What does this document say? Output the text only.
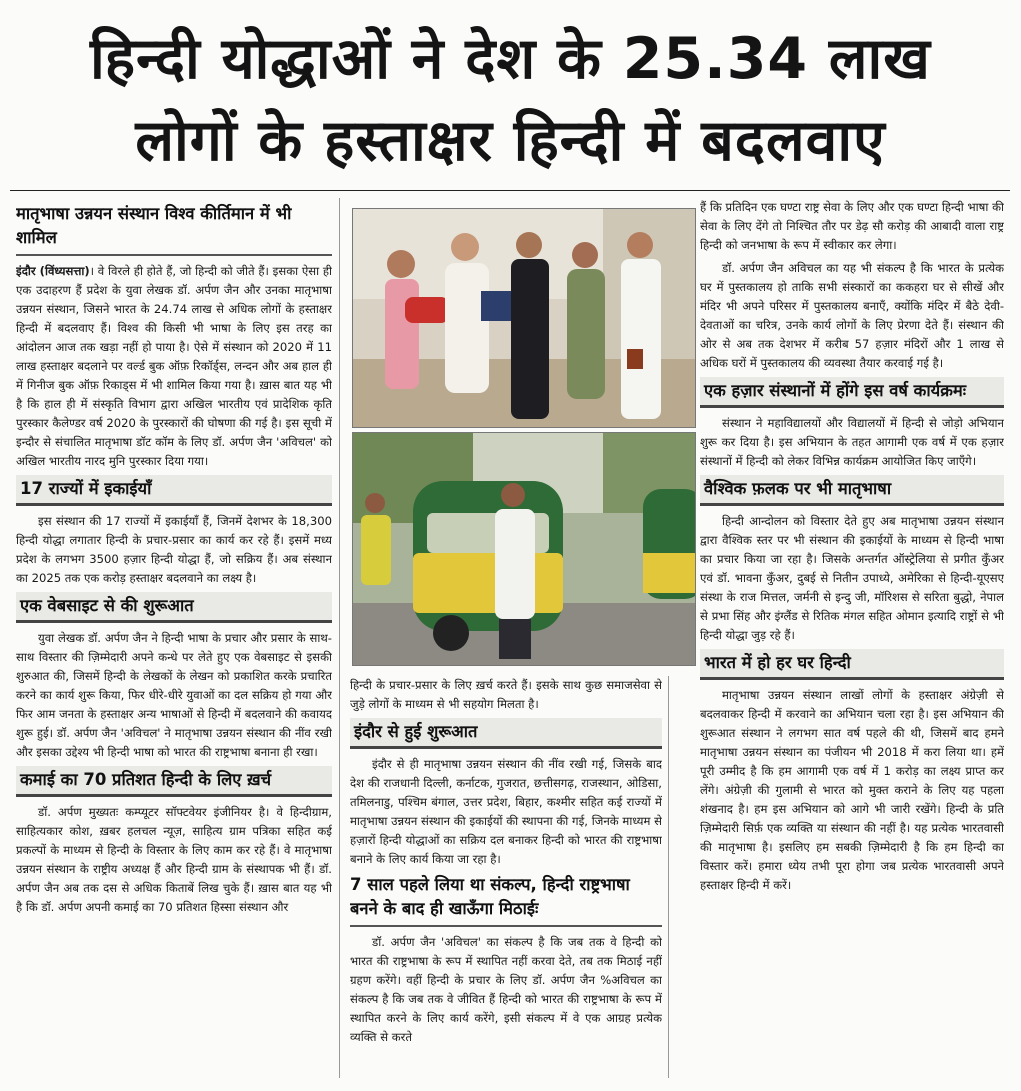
हिन्दी योद्धाओं ने देश के 25.34 लाख
लोगों के हस्ताक्षर हिन्दी में बदलवाए
मातृभाषा उन्नयन संस्थान विश्व कीर्तिमान में भी शामिल

इंदौर (विंध्यसत्ता)। वे विरले ही होते हैं, जो हिन्दी को जीते हैं। इसका ऐसा ही एक उदाहरण हैं प्रदेश के युवा लेखक डॉ. अर्पण जैन और उनका मातृभाषा उन्नयन संस्थान, जिसने भारत के 24.74 लाख से अधिक लोगों के हस्ताक्षर हिन्दी में बदलवाए हैं। विश्व की किसी भी भाषा के लिए इस तरह का आंदोलन आज तक खड़ा नहीं हो पाया है। ऐसे में संस्थान को 2020 में 11 लाख हस्ताक्षर बदलाने पर वर्ल्ड बुक ऑफ़ रिकॉर्ड्स, लन्दन और अब हाल ही में गिनीज बुक ऑफ़ रिकाड्स में भी शामिल किया गया है। ख़ास बात यह भी है कि हाल ही में संस्कृति विभाग द्वारा अखिल भारतीय एवं प्रादेशिक कृति पुरस्कार कैलेण्डर वर्ष 2020 के पुरस्कारों की घोषणा की गई है। इस सूची में इन्दौर से संचालित मातृभाषा डॉट कॉम के लिए डॉ. अर्पण जैन 'अविचल' को अखिल भारतीय नारद मुनि पुरस्कार दिया गया।

17 राज्यों में इकाईयाँ

इस संस्थान की 17 राज्यों में इकाईयाँ हैं, जिनमें देशभर के 18,300 हिन्दी योद्धा लगातार हिन्दी के प्रचार-प्रसार का कार्य कर रहे हैं। इसमें मध्य प्रदेश के लगभग 3500 हज़ार हिन्दी योद्धा हैं, जो सक्रिय हैं। अब संस्थान का 2025 तक एक करोड़ हस्ताक्षर बदलवाने का लक्ष्य है।

एक वेबसाइट से की शुरूआत

युवा लेखक डॉ. अर्पण जैन ने हिन्दी भाषा के प्रचार और प्रसार के साथ-साथ विस्तार की ज़िम्मेदारी अपने कन्धे पर लेते हुए एक वेबसाइट से इसकी शुरुआत की, जिसमें हिन्दी के लेखकों के लेखन को प्रकाशित करके प्रचारित करने का कार्य शुरू किया, फिर धीरे-धीरे युवाओं का दल सक्रिय हो गया और फिर आम जनता के हस्ताक्षर अन्य भाषाओं से हिन्दी में बदलवाने की कवायद शुरू हुई। डॉ. अर्पण जैन 'अविचल' ने मातृभाषा उन्नयन संस्थान की नींव रखी और इसका उद्देश्य भी हिन्दी भाषा को भारत की राष्ट्रभाषा बनाना ही रखा।

कमाई का 70 प्रतिशत हिन्दी के लिए ख़र्च

डॉ. अर्पण मुख्यतः कम्प्यूटर सॉफ्टवेयर इंजीनियर है। वे हिन्दीग्राम, साहित्यकार कोश, ख़बर हलचल न्यूज़, साहित्य ग्राम पत्रिका सहित कई प्रकल्पों के माध्यम से हिन्दी के विस्तार के लिए काम कर रहे हैं। वे मातृभाषा उन्नयन संस्थान के राष्ट्रीय अध्यक्ष हैं और हिन्दी ग्राम के संस्थापक भी हैं। डॉ. अर्पण जैन अब तक दस से अधिक किताबें लिख चुके हैं। ख़ास बात यह भी है कि डॉ. अर्पण अपनी कमाई का 70 प्रतिशत हिस्सा संस्थान और

हिन्दी के प्रचार-प्रसार के लिए ख़र्च करते हैं। इसके साथ कुछ समाजसेवा से जुड़े लोगों के माध्यम से भी सहयोग मिलता है।

इंदौर से हुई शुरूआत

इंदौर से ही मातृभाषा उन्नयन संस्थान की नींव रखी गई, जिसके बाद देश की राजधानी दिल्ली, कर्नाटक, गुजरात, छत्तीसगढ़, राजस्थान, ओडिसा, तमिलनाडु, पश्चिम बंगाल, उत्तर प्रदेश, बिहार, कश्मीर सहित कई राज्यों में मातृभाषा उन्नयन संस्थान की इकाईयों की स्थापना की गई, जिनके माध्यम से हज़ारों हिन्दी योद्धाओं का सक्रिय दल बनाकर हिन्दी को भारत की राष्ट्रभाषा बनाने के लिए कार्य किया जा रहा है।

7 साल पहले लिया था संकल्प, हिन्दी राष्ट्रभाषा बनने के बाद ही खाऊँगा मिठाईः

डॉ. अर्पण जैन 'अविचल' का संकल्प है कि जब तक वे हिन्दी को भारत की राष्ट्रभाषा के रूप में स्थापित नहीं करवा देते, तब तक मिठाई नहीं ग्रहण करेंगे। वहीं हिन्दी के प्रचार के लिए डॉ. अर्पण जैन %अविचल का संकल्प है कि जब तक वे जीवित हैं हिन्दी को भारत की राष्ट्रभाषा के रूप में स्थापित करने के लिए कार्य करेंगे, इसी संकल्प में वे एक आग्रह प्रत्येक व्यक्ति से करते

हैं कि प्रतिदिन एक घण्टा राष्ट्र सेवा के लिए और एक घण्टा हिन्दी भाषा की सेवा के लिए देंगे तो निश्चित तौर पर डेढ़ सौ करोड़ की आबादी वाला राष्ट्र हिन्दी को जनभाषा के रूप में स्वीकार कर लेगा।

डॉ. अर्पण जैन अविचल का यह भी संकल्प है कि भारत के प्रत्येक घर में पुस्तकालय हो ताकि सभी संस्कारों का ककहरा घर से सीखें और मंदिर भी अपने परिसर में पुस्तकालय बनाएँ, क्योंकि मंदिर में बैठे देवी-देवताओं का चरित्र, उनके कार्य लोगों के लिए प्रेरणा देते हैं। संस्थान की ओर से अब तक देशभर में करीब 57 हज़ार मंदिरों और 1 लाख से अधिक घरों में पुस्तकालय की व्यवस्था तैयार करवाई गई है।

एक हज़ार संस्थानों में होंगे इस वर्ष कार्यक्रमः

संस्थान ने महाविद्यालयों और विद्यालयों में हिन्दी से जोड़ो अभियान शुरू कर दिया है। इस अभियान के तहत आगामी एक वर्ष में एक हज़ार संस्थानों में हिन्दी को लेकर विभिन्न कार्यक्रम आयोजित किए जाएँगे।

वैश्विक फ़लक पर भी मातृभाषा

हिन्दी आन्दोलन को विस्तार देते हुए अब मातृभाषा उन्नयन संस्थान द्वारा वैश्विक स्तर पर भी संस्थान की इकाईयों के माध्यम से हिन्दी भाषा का प्रचार किया जा रहा है। जिसके अन्तर्गत ऑस्ट्रेलिया से प्रगीत कुँअर एवं डॉ. भावना कुँअर, दुबई से नितीन उपाध्ये, अमेरिका से हिन्दी-यूएसए संस्था के राज मित्तल, जर्मनी से इन्दु जी, मॉरिशस से सरिता बुद्धो, नेपाल से प्रभा सिंह और इंग्लैंड से रितिक मंगल सहित ओमान इत्यादि राष्ट्रों से भी हिन्दी योद्धा जुड़ रहे हैं।

भारत में हो हर घर हिन्दी

मातृभाषा उन्नयन संस्थान लाखों लोगों के हस्ताक्षर अंग्रेज़ी से बदलवाकर हिन्दी में करवाने का अभियान चला रहा है। इस अभियान की शुरूआत संस्थान ने लगभग सात वर्ष पहले की थी, जिसमें बाद हमने मातृभाषा उन्नयन संस्थान का पंजीयन भी 2018 में करा लिया था। हमें पूरी उम्मीद है कि हम आगामी एक वर्ष में 1 करोड़ का लक्ष्य प्राप्त कर लेंगे। अंग्रेज़ी की गुलामी से भारत को मुक्त कराने के लिए यह पहला शंखनाद है। हम इस अभियान को आगे भी जारी रखेंगे। हिन्दी के प्रति ज़िम्मेदारी सिर्फ़ एक व्यक्ति या संस्थान की नहीं है। यह प्रत्येक भारतवासी की मातृभाषा है। इसलिए हम सबकी ज़िम्मेदारी है कि हम हिन्दी का विस्तार करें। हमारा ध्येय तभी पूरा होगा जब प्रत्येक भारतवासी अपने हस्ताक्षर हिन्दी में करें।
